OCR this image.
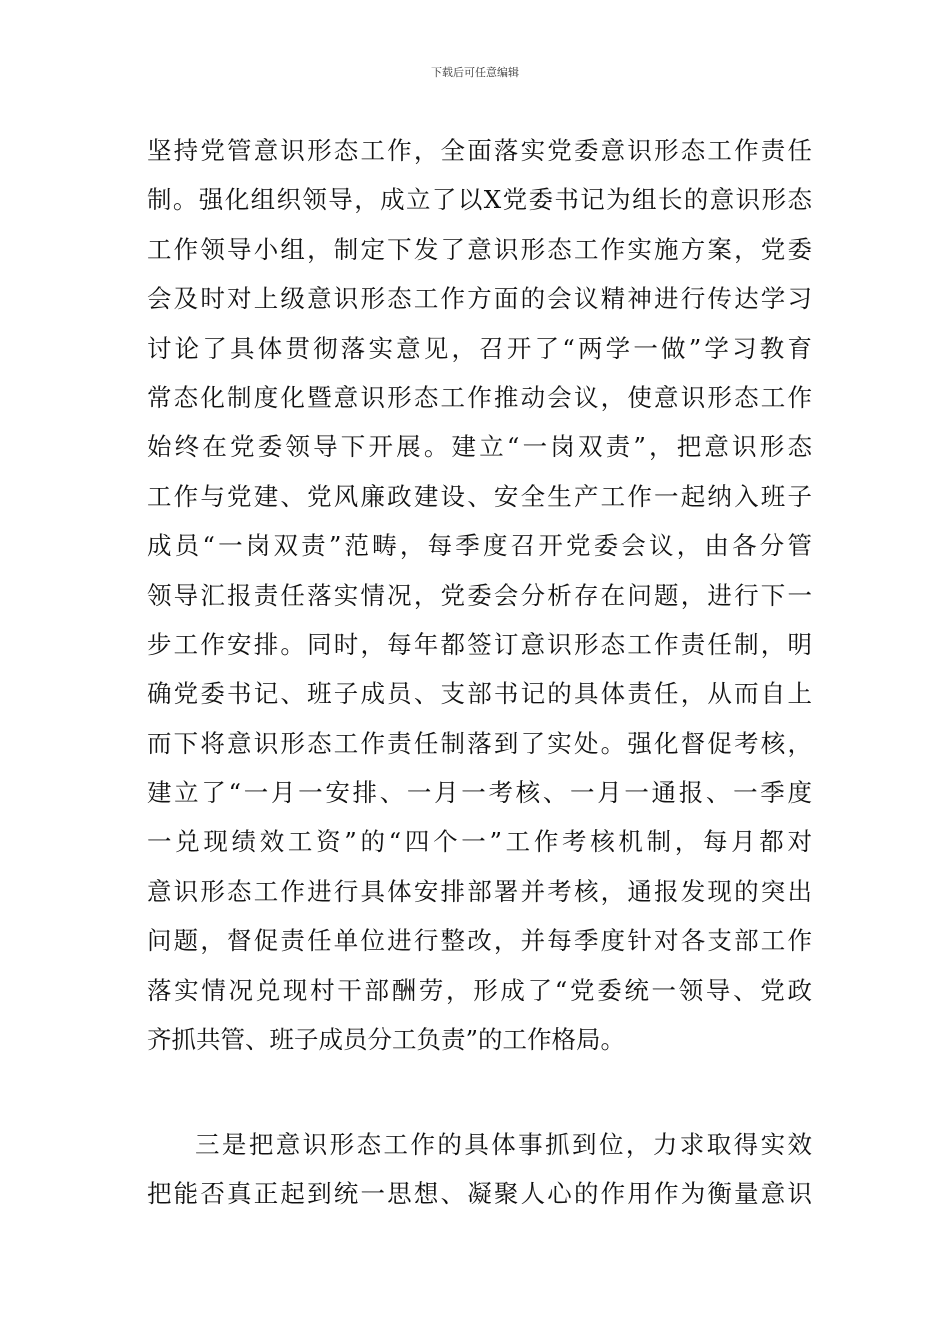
下载后可任意编辑
坚持党管意识形态工作，全面落实党委意识形态工作责任
制。强化组织领导，成立了以X党委书记为组长的意识形态
工作领导小组，制定下发了意识形态工作实施方案，党委
会及时对上级意识形态工作方面的会议精神进行传达学习
讨论了具体贯彻落实意见，召开了“两学一做”学习教育
常态化制度化暨意识形态工作推动会议，使意识形态工作
始终在党委领导下开展。建立“一岗双责”，把意识形态
工作与党建、党风廉政建设、安全生产工作一起纳入班子
成员“一岗双责”范畴，每季度召开党委会议，由各分管
领导汇报责任落实情况，党委会分析存在问题，进行下一
步工作安排。同时，每年都签订意识形态工作责任制，明
确党委书记、班子成员、支部书记的具体责任，从而自上
而下将意识形态工作责任制落到了实处。强化督促考核，
建立了“一月一安排、一月一考核、一月一通报、一季度
一兑现绩效工资”的“四个一”工作考核机制，每月都对
意识形态工作进行具体安排部署并考核，通报发现的突出
问题，督促责任单位进行整改，并每季度针对各支部工作
落实情况兑现村干部酬劳，形成了“党委统一领导、党政
齐抓共管、班子成员分工负责”的工作格局。
三是把意识形态工作的具体事抓到位，力求取得实效
把能否真正起到统一思想、凝聚人心的作用作为衡量意识
